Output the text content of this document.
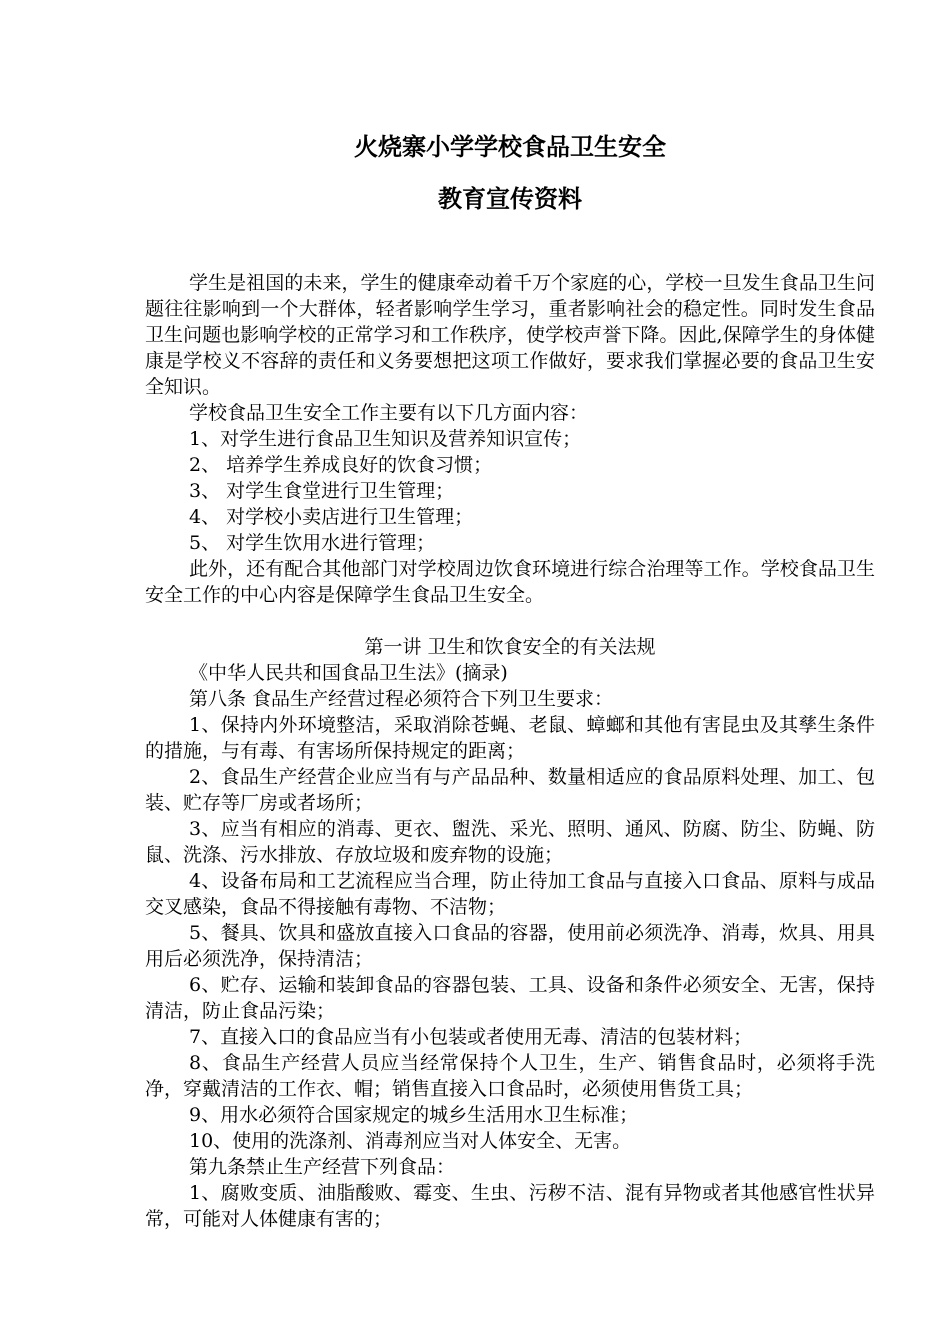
火烧寨小学学校食品卫生安全
教育宣传资料

学生是祖国的未来，学生的健康牵动着千万个家庭的心，学校一旦发生食品卫生问题往往影响到一个大群体，轻者影响学生学习，重者影响社会的稳定性。同时发生食品卫生问题也影响学校的正常学习和工作秩序，使学校声誉下降。因此,保障学生的身体健康是学校义不容辞的责任和义务要想把这项工作做好，要求我们掌握必要的食品卫生安全知识。

学校食品卫生安全工作主要有以下几方面内容：

1、对学生进行食品卫生知识及营养知识宣传；

2、 培养学生养成良好的饮食习惯；

3、 对学生食堂进行卫生管理；

4、 对学校小卖店进行卫生管理；

5、 对学生饮用水进行管理；

此外，还有配合其他部门对学校周边饮食环境进行综合治理等工作。学校食品卫生安全工作的中心内容是保障学生食品卫生安全。

第一讲 卫生和饮食安全的有关法规

《中华人民共和国食品卫生法》(摘录)

第八条 食品生产经营过程必须符合下列卫生要求：

1、保持内外环境整洁，采取消除苍蝇、老鼠、蟑螂和其他有害昆虫及其孳生条件的措施，与有毒、有害场所保持规定的距离；

2、食品生产经营企业应当有与产品品种、数量相适应的食品原料处理、加工、包装、贮存等厂房或者场所；

3、应当有相应的消毒、更衣、盥洗、采光、照明、通风、防腐、防尘、防蝇、防鼠、洗涤、污水排放、存放垃圾和废弃物的设施；

4、设备布局和工艺流程应当合理，防止待加工食品与直接入口食品、原料与成品交叉感染，食品不得接触有毒物、不洁物；

5、餐具、饮具和盛放直接入口食品的容器，使用前必须洗净、消毒，炊具、用具用后必须洗净，保持清洁；

6、贮存、运输和装卸食品的容器包装、工具、设备和条件必须安全、无害，保持清洁，防止食品污染；

7、直接入口的食品应当有小包装或者使用无毒、清洁的包装材料；

8、食品生产经营人员应当经常保持个人卫生，生产、销售食品时，必须将手洗净，穿戴清洁的工作衣、帽；销售直接入口食品时，必须使用售货工具；

9、用水必须符合国家规定的城乡生活用水卫生标准；

10、使用的洗涤剂、消毒剂应当对人体安全、无害。

第九条禁止生产经营下列食品：

1、腐败变质、油脂酸败、霉变、生虫、污秽不洁、混有异物或者其他感官性状异常，可能对人体健康有害的；
